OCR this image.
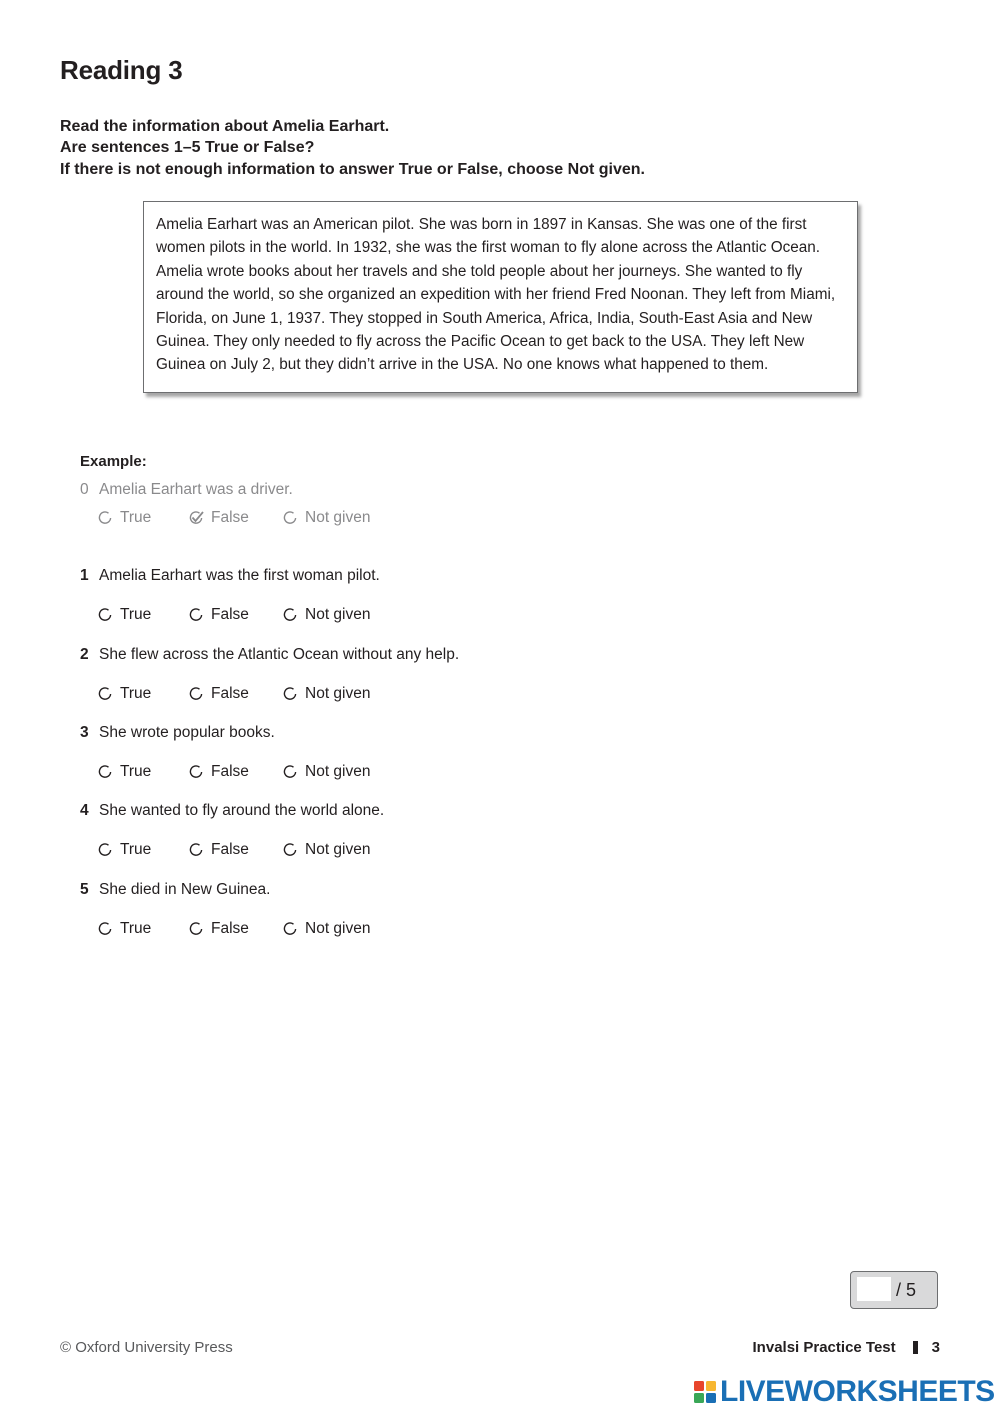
Reading 3
Read the information about Amelia Earhart.
Are sentences 1–5 True or False?
If there is not enough information to answer True or False, choose Not given.
Amelia Earhart was an American pilot. She was born in 1897 in Kansas. She was one of the first women pilots in the world. In 1932, she was the first woman to fly alone across the Atlantic Ocean. Amelia wrote books about her travels and she told people about her journeys. She wanted to fly around the world, so she organized an expedition with her friend Fred Noonan. They left from Miami, Florida, on June 1, 1937. They stopped in South America, Africa, India, South-East Asia and New Guinea. They only needed to fly across the Pacific Ocean to get back to the USA. They left New Guinea on July 2, but they didn’t arrive in the USA. No one knows what happened to them.
Example:
0 Amelia Earhart was a driver.
True	False	Not given
1 Amelia Earhart was the first woman pilot.
True	False	Not given
2 She flew across the Atlantic Ocean without any help.
True	False	Not given
3 She wrote popular books.
True	False	Not given
4 She wanted to fly around the world alone.
True	False	Not given
5 She died in New Guinea.
True	False	Not given
/ 5
© Oxford University Press	Invalsi Practice Test 3
LIVEWORKSHEETS
